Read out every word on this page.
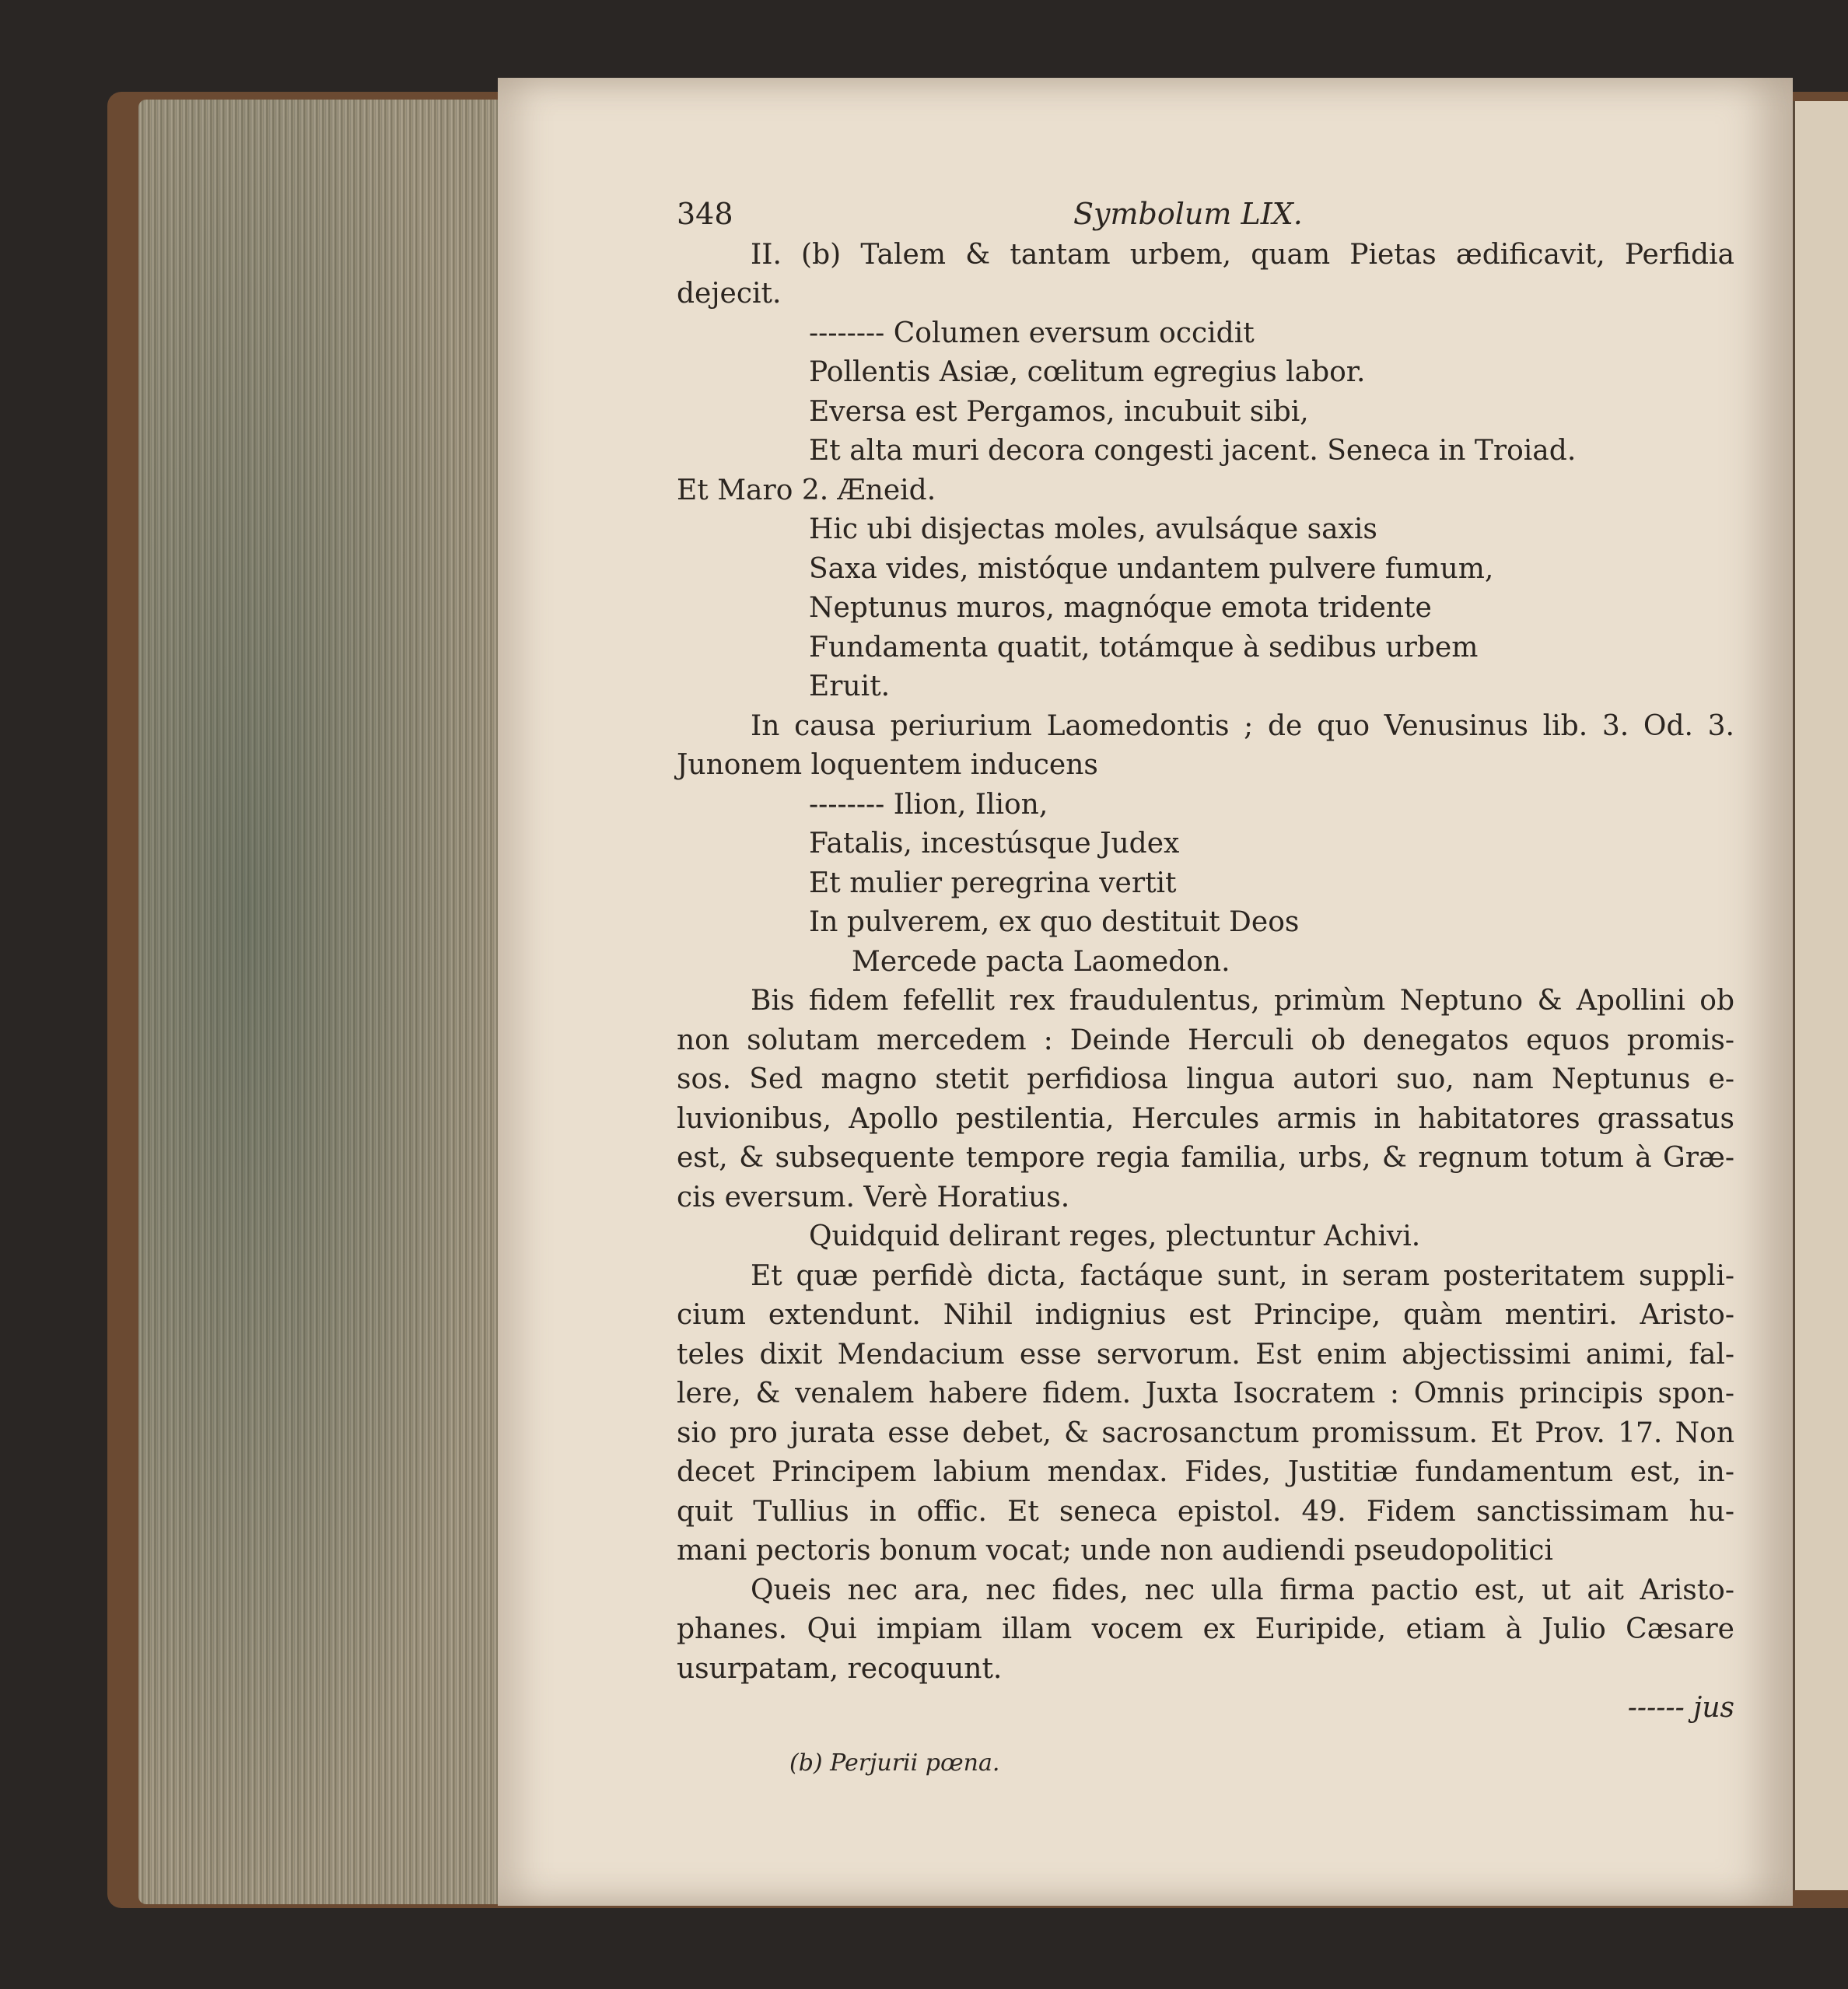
348	Symbolum LIX.
II. (b) Talem & tantam urbem, quam Pietas ædificavit, Perfidia
dejecit.
-------- Columen eversum occidit
Pollentis Asiæ, cœlitum egregius labor.
Eversa est Pergamos, incubuit sibi,
Et alta muri decora congesti jacent. Seneca in Troiad.
Et Maro 2. Æneid.
Hic ubi disjectas moles, avulsáque saxis
Saxa vides, mistóque undantem pulvere fumum,
Neptunus muros, magnóque emota tridente
Fundamenta quatit, totámque à sedibus urbem
Eruit.
In causa periurium Laomedontis ; de quo Venusinus lib. 3. Od. 3.
Junonem loquentem inducens
-------- Ilion, Ilion,
Fatalis, incestúsque Judex
Et mulier peregrina vertit
In pulverem, ex quo destituit Deos
Mercede pacta Laomedon.
Bis fidem fefellit rex fraudulentus, primùm Neptuno & Apollini ob
non solutam mercedem : Deinde Herculi ob denegatos equos promis-
sos. Sed magno stetit perfidiosa lingua autori suo, nam Neptunus e-
luvionibus, Apollo pestilentia, Hercules armis in habitatores grassatus
est, & subsequente tempore regia familia, urbs, & regnum totum à Græ-
cis eversum. Verè Horatius.
Quidquid delirant reges, plectuntur Achivi.
Et quæ perfidè dicta, factáque sunt, in seram posteritatem suppli-
cium extendunt. Nihil indignius est Principe, quàm mentiri. Aristo-
teles dixit Mendacium esse servorum. Est enim abjectissimi animi, fal-
lere, & venalem habere fidem. Juxta Isocratem : Omnis principis spon-
sio pro jurata esse debet, & sacrosanctum promissum. Et Prov. 17. Non
decet Principem labium mendax. Fides, Justitiæ fundamentum est, in-
quit Tullius in offic. Et seneca epistol. 49. Fidem sanctissimam hu-
mani pectoris bonum vocat; unde non audiendi pseudopolitici
Queis nec ara, nec fides, nec ulla firma pactio est, ut ait Aristo-
phanes. Qui impiam illam vocem ex Euripide, etiam à Julio Cæsare
usurpatam, recoquunt.
------ jus
(b) Perjurii pœna.
